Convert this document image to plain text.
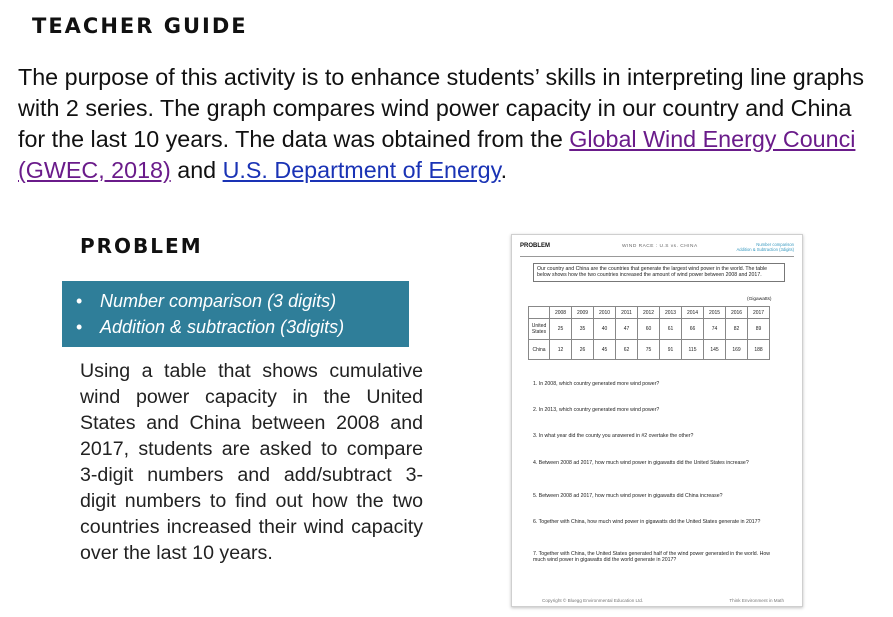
TEACHER GUIDE
The purpose of this activity is to enhance students’ skills in interpreting line graphs with 2 series. The graph compares wind power capacity in our country and China for the last 10 years. The data was obtained from the Global Wind Energy Counci (GWEC, 2018) and U.S. Department of Energy.
PROBLEM
• Number comparison (3 digits)
• Addition & subtraction (3digits)
Using a table that shows cumulative wind power capacity in the United States and China between 2008 and 2017, students are asked to compare 3-digit numbers and add/subtract 3-digit numbers to find out how the two countries increased their wind capacity over the last 10 years.
PROBLEM	WIND RACE : U.S vs. CHINA	Number comparison
Addition & Subtraction (3digits)
Our country and China are the countries that generate the largest wind power in the world. The table below shows how the two countries increased the amount of wind power between 2008 and 2017.
(Gigawatts)
	2008	2009	2010	2011	2012	2013	2014	2015	2016	2017
United States	25	35	40	47	60	61	66	74	82	89
China	12	26	45	62	75	91	115	145	169	188
1. In 2008, which country generated more wind power?
2. In 2013, which country generated more wind power?
3. In what year did the county you answered in #2 overtake the other?
4. Between 2008 ad 2017, how much wind power in gigawatts did the United States increase?
5. Between 2008 ad 2017, how much wind power in gigawatts did China increase?
6. Together with China, how much wind power in gigawatts did the United States generate in 2017?
7. Together with China, the United States generated half of the wind power generated in the world. How much wind power in gigawatts did the world generate in 2017?
Copyright © Bluegg Environmental Education Ltd.	Think Environment in Math
